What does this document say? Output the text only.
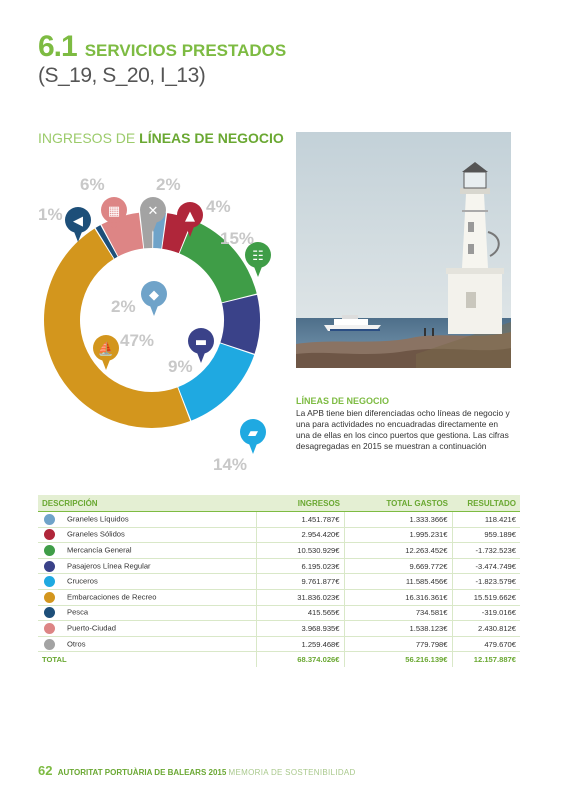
6.1 SERVICIOS PRESTADOS
(S_19, S_20, I_13)
INGRESOS DE LÍNEAS DE NEGOCIO
◆
2%
▲
4%
☷
15%
▬
9%
▰
14%
⛵ 47%
◀
1%	▦
6%
✕
2%
LÍNEAS DE NEGOCIO
La APB tiene bien diferenciadas ocho líneas de negocio y una para actividades no encuadradas directamente en una de ellas en los cinco puertos que gestiona. Las cifras desagregadas en 2015 se muestran a continuación
DESCRIPCIÓN	INGRESOS	TOTAL GASTOS	RESULTADO
Graneles Líquidos	1.451.787€	1.333.366€	118.421€
Graneles Sólidos	2.954.420€	1.995.231€	959.189€
Mercancía General	10.530.929€	12.263.452€	-1.732.523€
Pasajeros Línea Regular	6.195.023€	9.669.772€	-3.474.749€
Cruceros	9.761.877€	11.585.456€	-1.823.579€
Embarcaciones de Recreo	31.836.023€	16.316.361€	15.519.662€
Pesca	415.565€	734.581€	-319.016€
Puerto-Ciudad	3.968.935€	1.538.123€	2.430.812€
Otros	1.259.468€	779.798€	479.670€
TOTAL	68.374.026€	56.216.139€	12.157.887€
62 AUTORITAT PORTUÀRIA DE BALEARS 2015 MEMORIA DE SOSTENIBILIDAD
